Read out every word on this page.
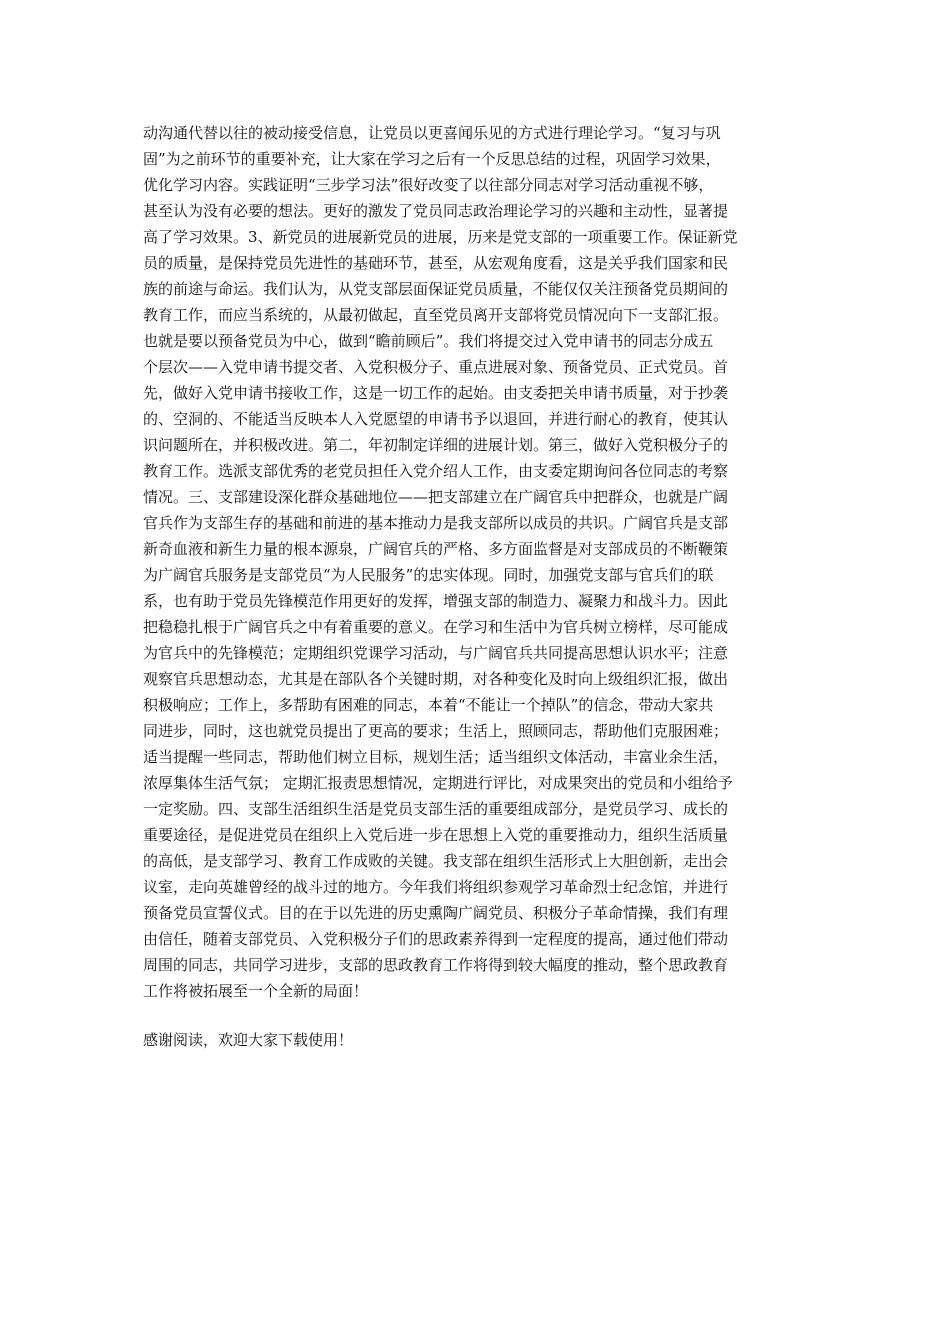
动沟通代替以往的被动接受信息，让党员以更喜闻乐见的方式进行理论学习。“复习与巩
固”为之前环节的重要补充，让大家在学习之后有一个反思总结的过程，巩固学习效果，
优化学习内容。实践证明“三步学习法”很好改变了以往部分同志对学习活动重视不够，
甚至认为没有必要的想法。更好的激发了党员同志政治理论学习的兴趣和主动性，显著提
高了学习效果。3、新党员的进展新党员的进展，历来是党支部的一项重要工作。保证新党
员的质量，是保持党员先进性的基础环节，甚至，从宏观角度看，这是关乎我们国家和民
族的前途与命运。我们认为，从党支部层面保证党员质量，不能仅仅关注预备党员期间的
教育工作，而应当系统的，从最初做起，直至党员离开支部将党员情况向下一支部汇报。
也就是要以预备党员为中心，做到“瞻前顾后”。我们将提交过入党申请书的同志分成五
个层次——入党申请书提交者、入党积极分子、重点进展对象、预备党员、正式党员。首
先，做好入党申请书接收工作，这是一切工作的起始。由支委把关申请书质量，对于抄袭
的、空洞的、不能适当反映本人入党愿望的申请书予以退回，并进行耐心的教育，使其认
识问题所在，并积极改进。第二，年初制定详细的进展计划。第三，做好入党积极分子的
教育工作。选派支部优秀的老党员担任入党介绍人工作，由支委定期询问各位同志的考察
情况。三、支部建设深化群众基础地位——把支部建立在广阔官兵中把群众，也就是广阔
官兵作为支部生存的基础和前进的基本推动力是我支部所以成员的共识。广阔官兵是支部
新奇血液和新生力量的根本源泉，广阔官兵的严格、多方面监督是对支部成员的不断鞭策
为广阔官兵服务是支部党员“为人民服务”的忠实体现。同时，加强党支部与官兵们的联
系，也有助于党员先锋模范作用更好的发挥，增强支部的制造力、凝聚力和战斗力。因此
把稳稳扎根于广阔官兵之中有着重要的意义。在学习和生活中为官兵树立榜样，尽可能成
为官兵中的先锋模范；定期组织党课学习活动，与广阔官兵共同提高思想认识水平；注意
观察官兵思想动态，尤其是在部队各个关键时期，对各种变化及时向上级组织汇报，做出
积极响应；工作上，多帮助有困难的同志，本着“不能让一个掉队”的信念，带动大家共
同进步，同时，这也就党员提出了更高的要求；生活上，照顾同志，帮助他们克服困难；
适当提醒一些同志，帮助他们树立目标，规划生活；适当组织文体活动，丰富业余生活，
浓厚集体生活气氛； 定期汇报责思想情况，定期进行评比，对成果突出的党员和小组给予
一定奖励。四、支部生活组织生活是党员支部生活的重要组成部分，是党员学习、成长的
重要途径，是促进党员在组织上入党后进一步在思想上入党的重要推动力，组织生活质量
的高低，是支部学习、教育工作成败的关键。我支部在组织生活形式上大胆创新，走出会
议室，走向英雄曾经的战斗过的地方。今年我们将组织参观学习革命烈士纪念馆，并进行
预备党员宣誓仪式。目的在于以先进的历史熏陶广阔党员、积极分子革命情操，我们有理
由信任，随着支部党员、入党积极分子们的思政素养得到一定程度的提高，通过他们带动
周围的同志，共同学习进步，支部的思政教育工作将得到较大幅度的推动，整个思政教育
工作将被拓展至一个全新的局面！

感谢阅读，欢迎大家下载使用！
